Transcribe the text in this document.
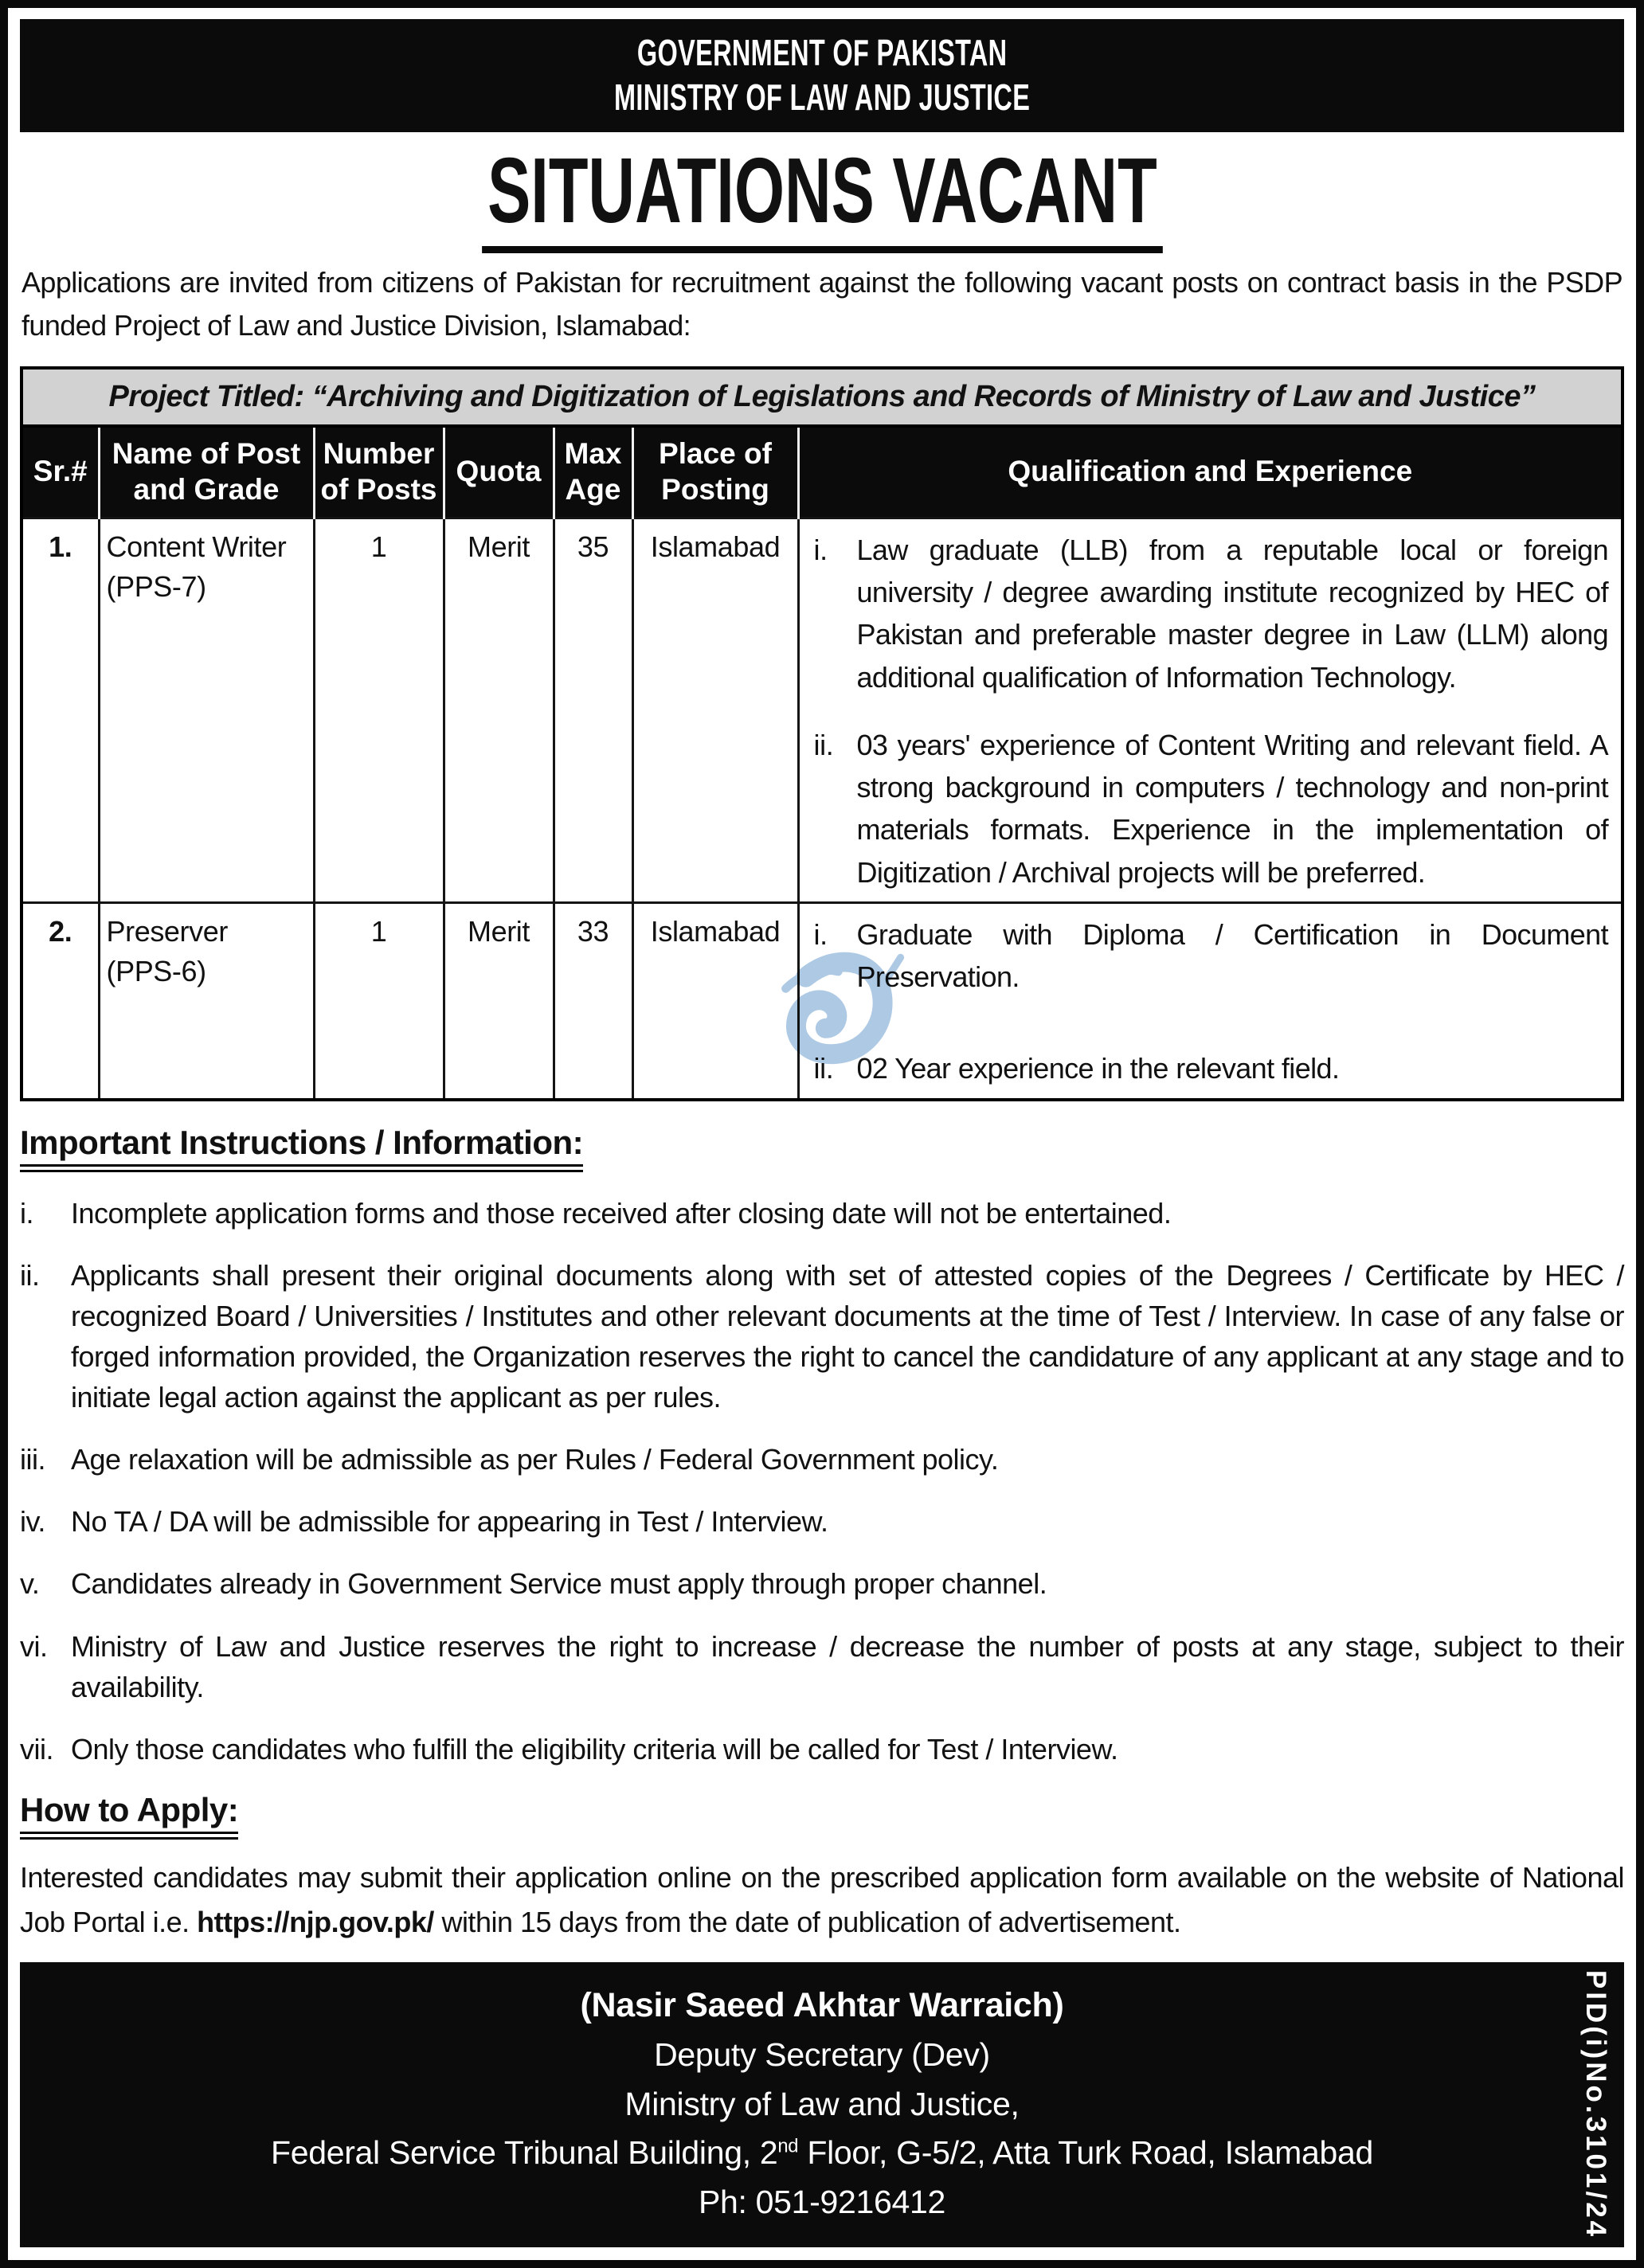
GOVERNMENT OF PAKISTAN
MINISTRY OF LAW AND JUSTICE
SITUATIONS VACANT

Applications are invited from citizens of Pakistan for recruitment against the following vacant posts on contract basis in the PSDP funded Project of Law and Justice Division, Islamabad:

Project Titled: “Archiving and Digitization of Legislations and Records of Ministry of Law and Justice”
Sr.#	Name of Post and Grade	Number of Posts	Quota	Max Age	Place of Posting	Qualification and Experience
1.	Content Writer (PPS-7)	1	Merit	35	Islamabad	i. Law graduate (LLB) from a reputable local or foreign university / degree awarding institute recognized by HEC of Pakistan and preferable master degree in Law (LLM) along additional qualification of Information Technology.
ii. 03 years' experience of Content Writing and relevant field. A strong background in computers / technology and non-print materials formats. Experience in the implementation of Digitization / Archival projects will be preferred.

2.	Preserver (PPS-6)	1	Merit	33	Islamabad	i. Graduate with Diploma / Certification in Document Preservation.
ii. 02 Year experience in the relevant field.
Important Instructions / Information:
i.	Incomplete application forms and those received after closing date will not be entertained.
ii.	Applicants shall present their original documents along with set of attested copies of the Degrees / Certificate by HEC / recognized Board / Universities / Institutes and other relevant documents at the time of Test / Interview. In case of any false or forged information provided, the Organization reserves the right to cancel the candidature of any applicant at any stage and to initiate legal action against the applicant as per rules.
iii. Age relaxation will be admissible as per Rules / Federal Government policy.
iv. No TA / DA will be admissible for appearing in Test / Interview.
v.	Candidates already in Government Service must apply through proper channel.
vi. Ministry of Law and Justice reserves the right to increase / decrease the number of posts at any stage, subject to their availability.
vii. Only those candidates who fulfill the eligibility criteria will be called for Test / Interview.
How to Apply:

Interested candidates may submit their application online on the prescribed application form available on the website of National Job Portal i.e. https://njp.gov.pk/ within 15 days from the date of publication of advertisement.

(Nasir Saeed Akhtar Warraich)
Deputy Secretary (Dev)
Ministry of Law and Justice,
Federal Service Tribunal Building, 2nd Floor, G-5/2, Atta Turk Road, Islamabad
Ph: 051-9216412	PID(i)No.3101/24
